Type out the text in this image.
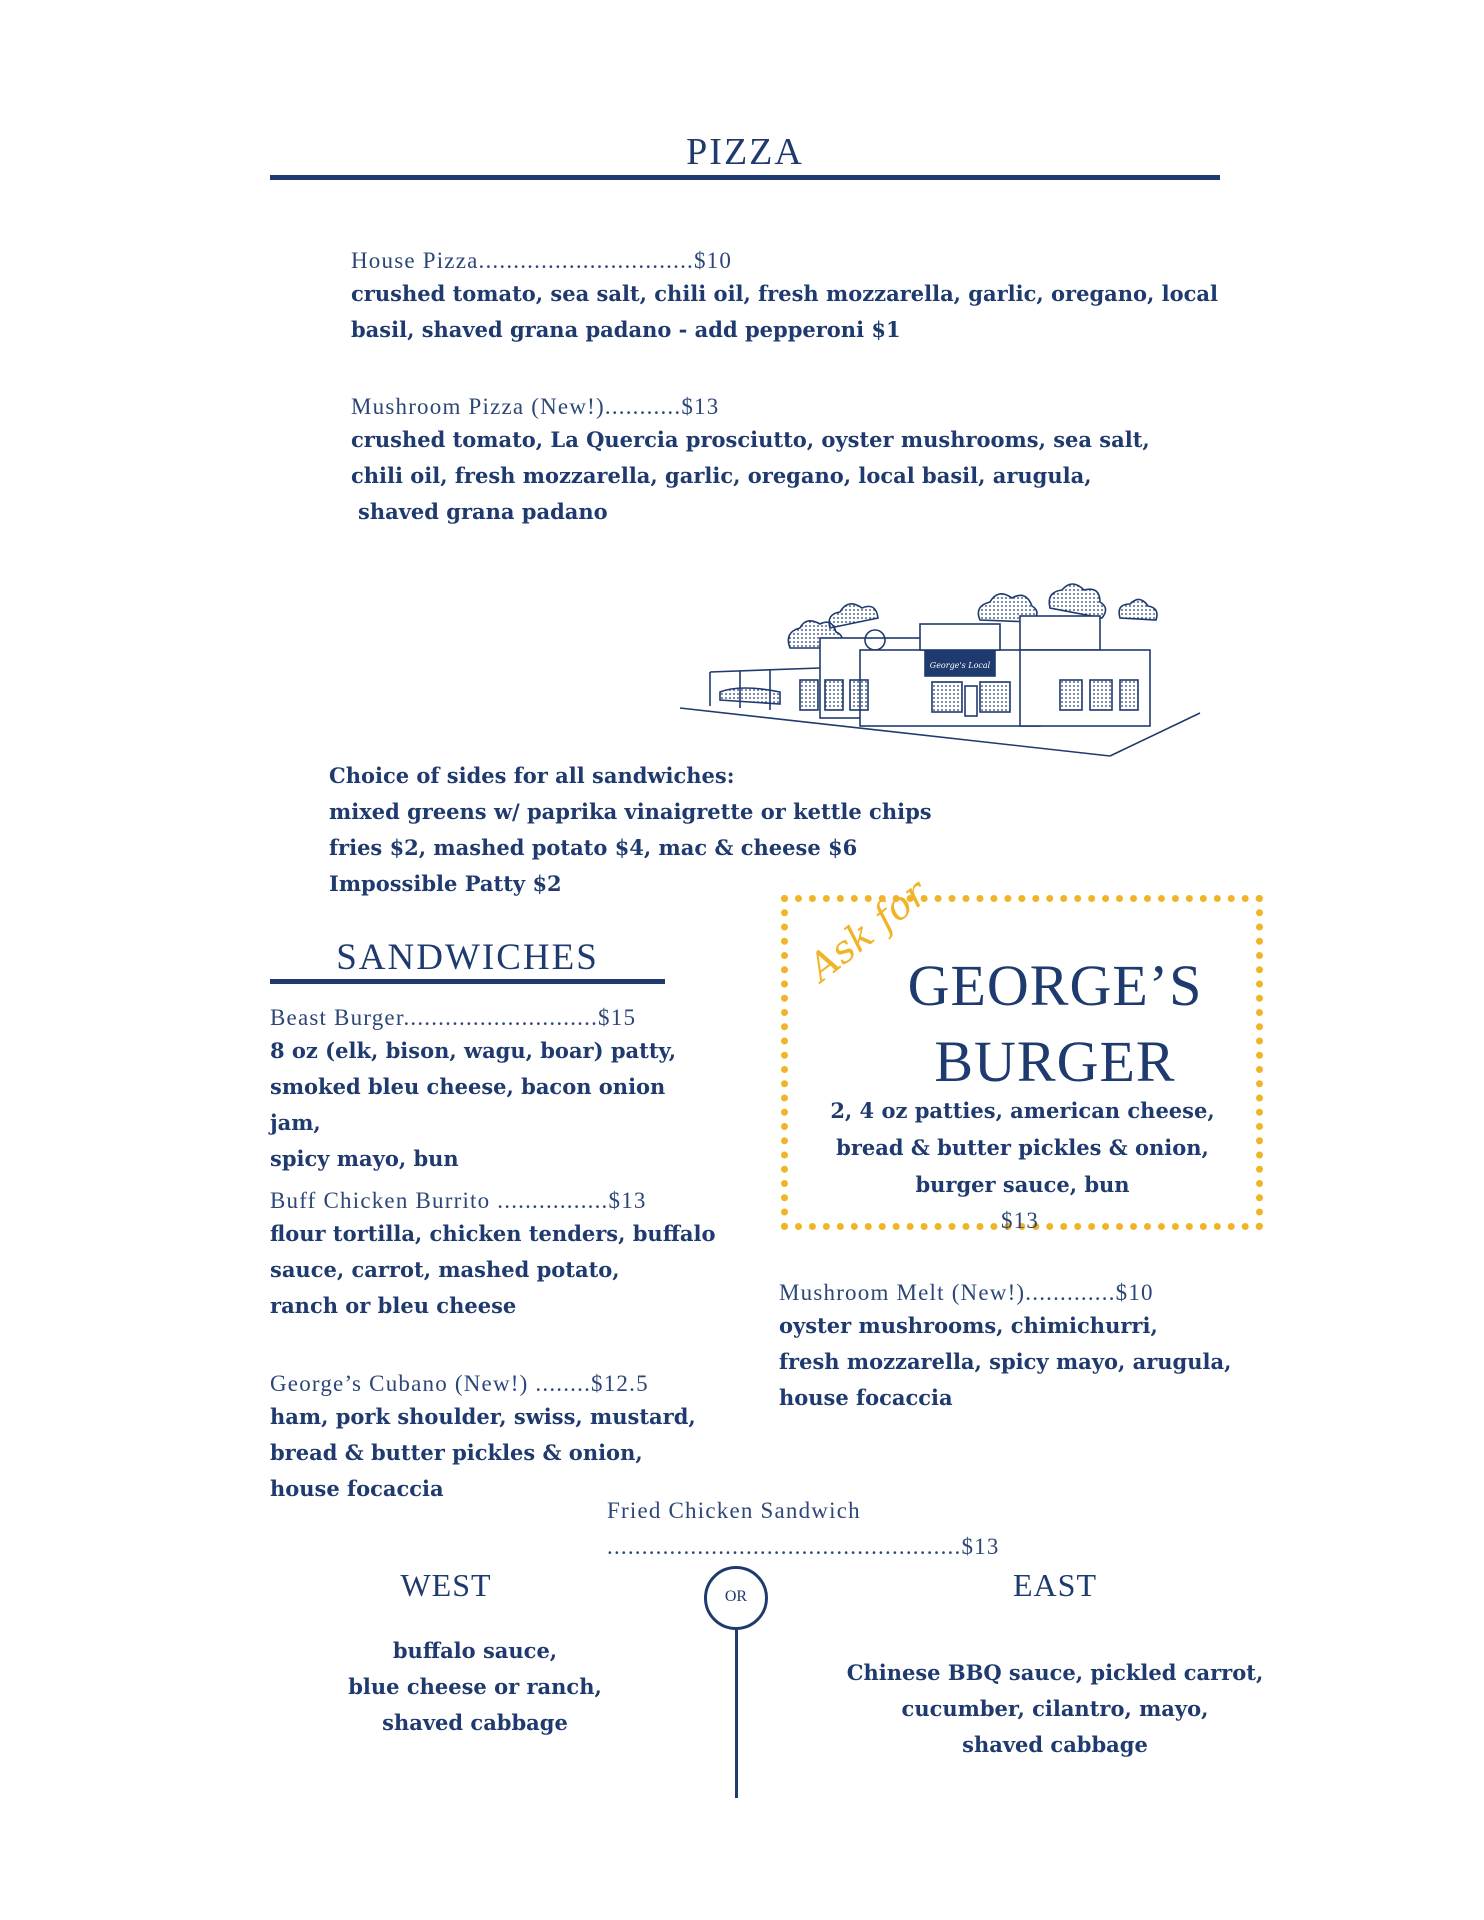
PIZZA
House Pizza...............................$10
crushed tomato, sea salt, chili oil, fresh mozzarella, garlic, oregano, local
basil, shaved grana padano - add pepperoni $1
Mushroom Pizza (New!)...........$13
crushed tomato, La Quercia prosciutto, oyster mushrooms, sea salt,
chili oil, fresh mozzarella, garlic, oregano, local basil, arugula,
shaved grana padano
George's Local
Choice of sides for all sandwiches:
mixed greens w/ paprika vinaigrette or kettle chips
fries $2, mashed potato $4, mac & cheese $6
Impossible Patty $2
SANDWICHES
Beast Burger............................$15
8 oz (elk, bison, wagu, boar) patty,
smoked bleu cheese, bacon onion jam,
spicy mayo, bun
Buff Chicken Burrito ................$13
flour tortilla, chicken tenders, buffalo
sauce, carrot, mashed potato,
ranch or bleu cheese
George’s Cubano (New!) ........$12.5
ham, pork shoulder, swiss, mustard,
bread & butter pickles & onion,
house focaccia
Ask for
GEORGE’S
BURGER
2, 4 oz patties, american cheese,
bread & butter pickles & onion,
burger sauce, bun
$13
Mushroom Melt (New!).............$10
oyster mushrooms, chimichurri,
fresh mozzarella, spicy mayo, arugula,
house focaccia
Fried Chicken Sandwich
...................................................$13
WEST
buffalo sauce,
blue cheese or ranch,
shaved cabbage
OR	EAST
Chinese BBQ sauce, pickled carrot,
cucumber, cilantro, mayo,
shaved cabbage
